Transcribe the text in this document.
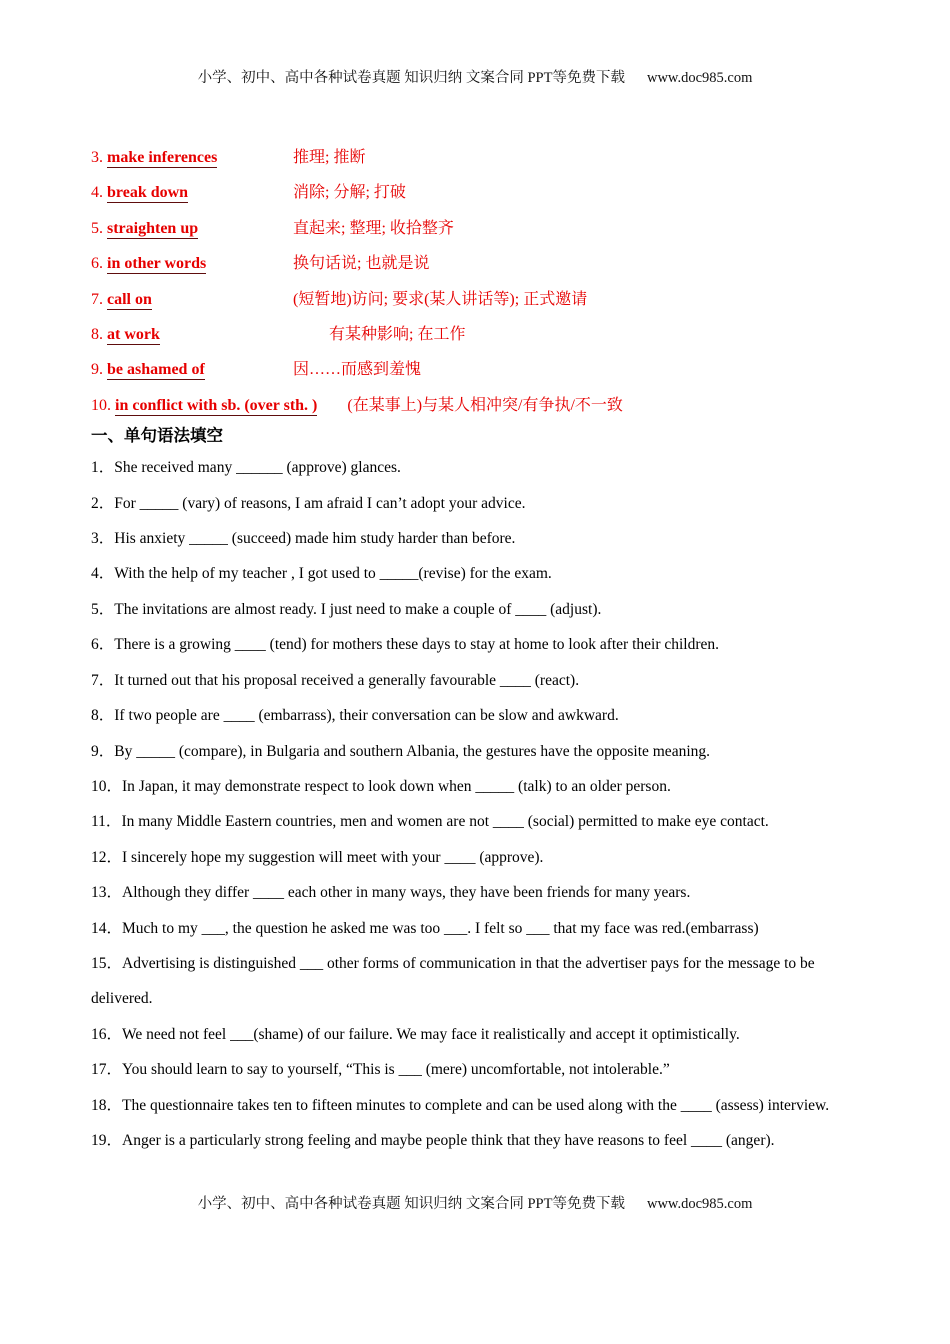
小学、初中、高中各种试卷真题 知识归纳 文案合同 PPT等免费下载 www.doc985.com
3. make inferences	推理; 推断
4. break down	消除; 分解; 打破
5. straighten up	直起来; 整理; 收拾整齐
6. in other words	换句话说; 也就是说
7. call on	(短暂地)访问; 要求(某人讲话等); 正式邀请
8. at work	有某种影响; 在工作
9. be ashamed of	因……而感到羞愧
10. in conflict with sb. (over sth. ) (在某事上)与某人相冲突/有争执/不一致
一、单句语法填空
1．She received many ______ (approve) glances.
2．For _____ (vary) of reasons, I am afraid I can’t adopt your advice.
3．His anxiety _____ (succeed) made him study harder than before.
4．With the help of my teacher , I got used to _____(revise) for the exam.
5．The invitations are almost ready. I just need to make a couple of ____ (adjust).
6．There is a growing ____ (tend) for mothers these days to stay at home to look after their children.
7．It turned out that his proposal received a generally favourable ____ (react).
8．If two people are ____ (embarrass), their conversation can be slow and awkward.
9．By _____ (compare), in Bulgaria and southern Albania, the gestures have the opposite meaning.
10．In Japan, it may demonstrate respect to look down when _____ (talk) to an older person.
11．In many Middle Eastern countries, men and women are not ____ (social) permitted to make eye contact.
12．I sincerely hope my suggestion will meet with your ____ (approve).
13．Although they differ ____ each other in many ways, they have been friends for many years.
14．Much to my ___, the question he asked me was too ___. I felt so ___ that my face was red.(embarrass)
15．Advertising is distinguished ___ other forms of communication in that the advertiser pays for the message to be delivered.
16．We need not feel ___(shame) of our failure. We may face it realistically and accept it optimistically.
17．You should learn to say to yourself, “This is ___ (mere) uncomfortable, not intolerable.”
18．The questionnaire takes ten to fifteen minutes to complete and can be used along with the ____ (assess) interview.
19．Anger is a particularly strong feeling and maybe people think that they have reasons to feel ____ (anger).
小学、初中、高中各种试卷真题 知识归纳 文案合同 PPT等免费下载 www.doc985.com
